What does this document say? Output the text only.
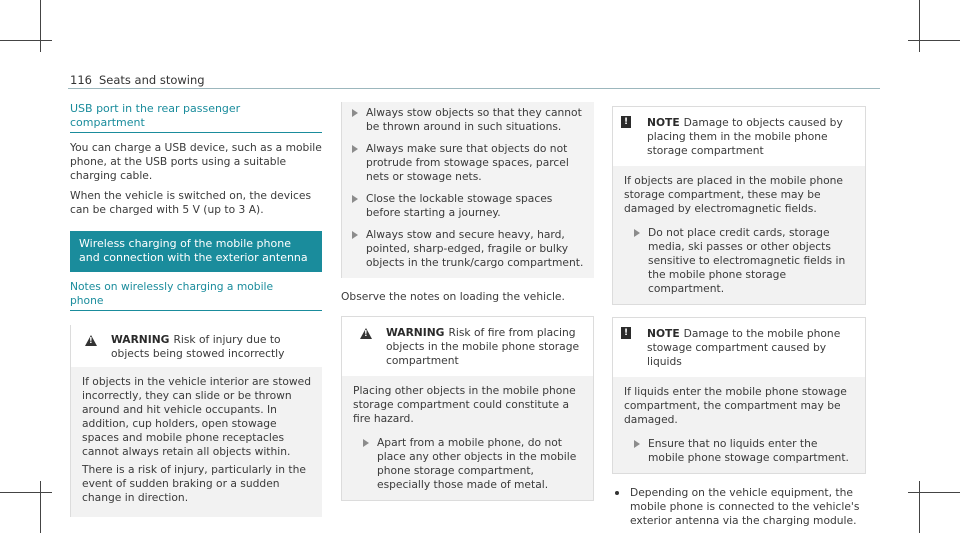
116 Seats and stowing
USB port in the rear passenger compartment

You can charge a USB device, such as a mobile phone, at the USB ports using a suitable charging cable.

When the vehicle is switched on, the devices can be charged with 5 V (up to 3 A).

Wireless charging of the mobile phone and connection with the exterior antenna
Notes on wirelessly charging a mobile phone
!
WARNING Risk of injury due to objects being stowed incorrectly

If objects in the vehicle interior are stowed incorrectly, they can slide or be thrown around and hit vehicle occupants. In addition, cup holders, open stowage spaces and mobile phone receptacles cannot always retain all objects within.

There is a risk of injury, particularly in the event of sudden braking or a sudden change in direction.

Always stow objects so that they cannot be thrown around in such situations.
Always make sure that objects do not protrude from stowage spaces, parcel nets or stowage nets.
Close the lockable stowage spaces before starting a journey.
Always stow and secure heavy, hard, pointed, sharp-edged, fragile or bulky objects in the trunk/cargo compartment.

Observe the notes on loading the vehicle.

!
WARNING Risk of fire from placing objects in the mobile phone storage compartment

Placing other objects in the mobile phone storage compartment could constitute a fire hazard.

Apart from a mobile phone, do not place any other objects in the mobile phone storage compartment, especially those made of metal.
! NOTE Damage to objects caused by placing them in the mobile phone storage compartment

If objects are placed in the mobile phone storage compartment, these may be damaged by electromagnetic fields.

Do not place credit cards, storage media, ski passes or other objects sensitive to electromagnetic fields in the mobile phone storage compartment.
! NOTE Damage to the mobile phone stowage compartment caused by liquids

If liquids enter the mobile phone stowage compartment, the compartment may be damaged.

Ensure that no liquids enter the mobile phone stowage compartment.
Depending on the vehicle equipment, the mobile phone is connected to the vehicle's exterior antenna via the charging module.
